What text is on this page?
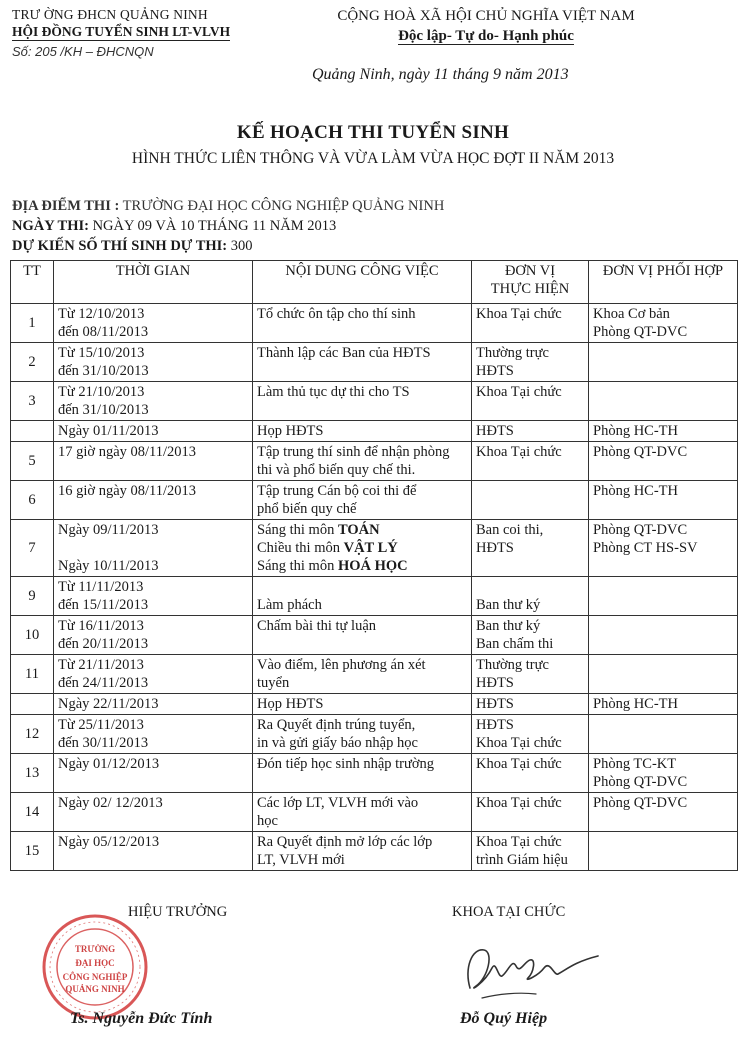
TRƯ ỜNG ĐHCN QUẢNG NINH
HỘI ĐỒNG TUYỂN SINH LT-VLVH
Số: 205 /KH – ĐHCNQN
CỘNG HOÀ XÃ HỘI CHỦ NGHĨA VIỆT NAM
Độc lập- Tự do- Hạnh phúc
Quảng Ninh, ngày 11 tháng 9 năm 2013
KẾ HOẠCH THI TUYỂN SINH
HÌNH THỨC LIÊN THÔNG VÀ VỪA LÀM VỪA HỌC ĐỢT II NĂM 2013
ĐỊA ĐIỂM THI : TRƯỜNG ĐẠI HỌC CÔNG NGHIỆP QUẢNG NINH
NGÀY THI: NGÀY 09 VÀ 10 THÁNG 11 NĂM 2013
DỰ KIẾN SỐ THÍ SINH DỰ THI: 300
TT	THỜI GIAN	NỘI DUNG CÔNG VIỆC	ĐƠN VỊ
THỰC HIỆN	ĐƠN VỊ PHỐI HỢP
1	Từ 12/10/2013
đến 08/11/2013	Tổ chức ôn tập cho thí sinh	Khoa Tại chức	Khoa Cơ bản
Phòng QT-DVC

2	Từ 15/10/2013
đến 31/10/2013	Thành lập các Ban của HĐTS	Thường trực
HĐTS	

3	Từ 21/10/2013
đến 31/10/2013	Làm thủ tục dự thi cho TS	Khoa Tại chức	

	Ngày 01/11/2013	Họp HĐTS	HĐTS	Phòng HC-TH

5	17 giờ ngày 08/11/2013	Tập trung thí sinh để nhận phòng
thi và phổ biến quy chế thi.	Khoa Tại chức	Phòng QT-DVC

6	16 giờ ngày 08/11/2013	Tập trung Cán bộ coi thi để
phổ biến quy chế		Phòng HC-TH

7	Ngày 09/11/2013

Ngày 10/11/2013	Sáng thi môn TOÁN
Chiều thi môn VẬT LÝ
Sáng thi môn HOÁ HỌC	Ban coi thi,
HĐTS	Phòng QT-DVC
Phòng CT HS-SV

9	Từ 11/11/2013
đến 15/11/2013	Làm phách	Ban thư ký	

10	Từ 16/11/2013
đến 20/11/2013	Chấm bài thi tự luận	Ban thư ký
Ban chấm thi	

11	Từ 21/11/2013
đến 24/11/2013	Vào điểm, lên phương án xét
tuyển	Thường trực
HĐTS	

	Ngày 22/11/2013	Họp HĐTS	HĐTS	Phòng HC-TH

12	Từ 25/11/2013
đến 30/11/2013	Ra Quyết định trúng tuyển,
in và gửi giấy báo nhập học	HĐTS
Khoa Tại chức	

13	Ngày 01/12/2013	Đón tiếp học sinh nhập trường	Khoa Tại chức	Phòng TC-KT
Phòng QT-DVC

14	Ngày 02/ 12/2013	Các lớp LT, VLVH mới vào
học	Khoa Tại chức	Phòng QT-DVC

15	Ngày 05/12/2013	Ra Quyết định mở lớp các lớp
LT, VLVH mới	Khoa Tại chức
trình Giám hiệu	

HIỆU TRƯỞNG	KHOA TẠI CHỨC
TRƯỜNG ĐẠI HỌC CÔNG NGHIỆP QUẢNG NINH
Ts. Nguyễn Đức Tính	Đỗ Quý Hiệp
